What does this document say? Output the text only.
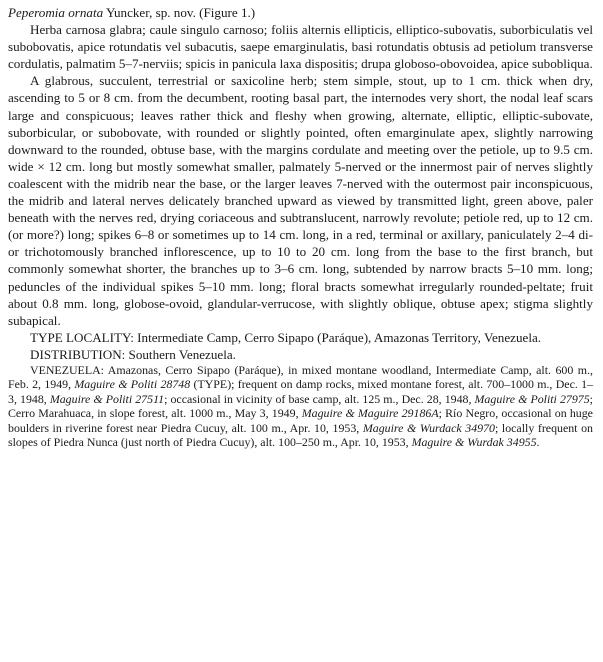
Peperomia ornata Yuncker, sp. nov. (Figure 1.)

Herba carnosa glabra; caule singulo carnoso; foliis alternis ellipticis, elliptico-subovatis, suborbiculatis vel subobovatis, apice rotundatis vel subacutis, saepe emarginulatis, basi rotundatis obtusis ad petiolum transverse cordulatis, palmatim 5–7-nerviis; spicis in panicula laxa dispositis; drupa globoso-obovoidea, apice subobliqua.

A glabrous, succulent, terrestrial or saxicoline herb; stem simple, stout, up to 1 cm. thick when dry, ascending to 5 or 8 cm. from the decumbent, rooting basal part, the internodes very short, the nodal leaf scars large and conspicuous; leaves rather thick and fleshy when growing, alternate, elliptic, elliptic-subovate, suborbicular, or subobovate, with rounded or slightly pointed, often emarginulate apex, slightly narrowing downward to the rounded, obtuse base, with the margins cordulate and meeting over the petiole, up to 9.5 cm. wide × 12 cm. long but mostly somewhat smaller, palmately 5-nerved or the innermost pair of nerves slightly coalescent with the midrib near the base, or the larger leaves 7-nerved with the outermost pair inconspicuous, the midrib and lateral nerves delicately branched upward as viewed by transmitted light, green above, paler beneath with the nerves red, drying coriaceous and subtranslucent, narrowly revolute; petiole red, up to 12 cm. (or more?) long; spikes 6–8 or sometimes up to 14 cm. long, in a red, terminal or axillary, paniculately 2–4 di- or trichotomously branched inflorescence, up to 10 to 20 cm. long from the base to the first branch, but commonly somewhat shorter, the branches up to 3–6 cm. long, subtended by narrow bracts 5–10 mm. long; peduncles of the individual spikes 5–10 mm. long; floral bracts somewhat irregularly rounded-peltate; fruit about 0.8 mm. long, globose-ovoid, glandular-verrucose, with slightly oblique, obtuse apex; stigma slightly subapical.

TYPE LOCALITY: Intermediate Camp, Cerro Sipapo (Paráque), Amazonas Territory, Venezuela.

DISTRIBUTION: Southern Venezuela.

VENEZUELA: Amazonas, Cerro Sipapo (Paráque), in mixed montane woodland, Intermediate Camp, alt. 600 m., Feb. 2, 1949, Maguire & Politi 28748 (TYPE); frequent on damp rocks, mixed montane forest, alt. 700–1000 m., Dec. 1–3, 1948, Maguire & Politi 27511; occasional in vicinity of base camp, alt. 125 m., Dec. 28, 1948, Maguire & Politi 27975; Cerro Marahuaca, in slope forest, alt. 1000 m., May 3, 1949, Maguire & Maguire 29186A; Río Negro, occasional on huge boulders in riverine forest near Piedra Cucuy, alt. 100 m., Apr. 10, 1953, Maguire & Wurdack 34970; locally frequent on slopes of Piedra Nunca (just north of Piedra Cucuy), alt. 100–250 m., Apr. 10, 1953, Maguire & Wurdak 34955.
